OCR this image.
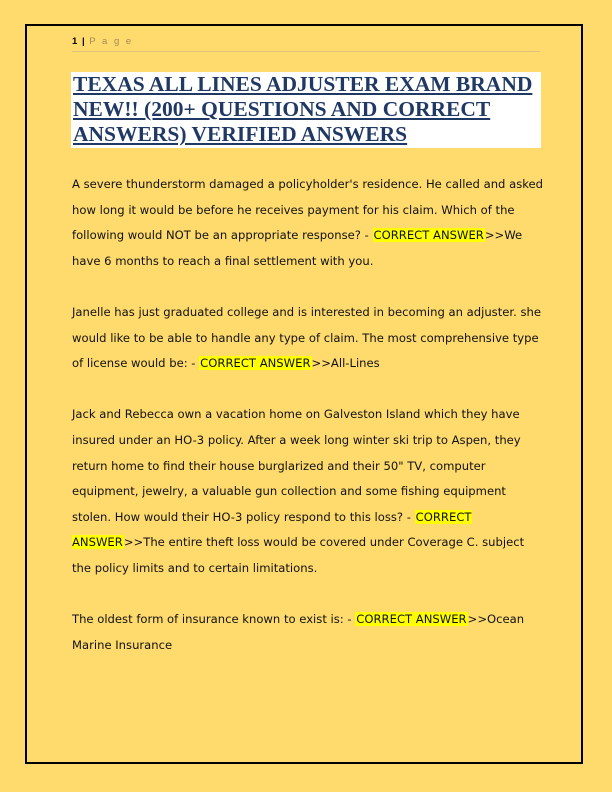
1 | P a g e
TEXAS ALL LINES ADJUSTER EXAM BRAND NEW!! (200+ QUESTIONS AND CORRECT ANSWERS) VERIFIED ANSWERS

A severe thunderstorm damaged a policyholder's residence. He called and asked how long it would be before he receives payment for his claim. Which of the following would NOT be an appropriate response? - CORRECT ANSWER>>We have 6 months to reach a final settlement with you.

Janelle has just graduated college and is interested in becoming an adjuster. she would like to be able to handle any type of claim. The most comprehensive type of license would be: - CORRECT ANSWER>>All-Lines

Jack and Rebecca own a vacation home on Galveston Island which they have insured under an HO-3 policy. After a week long winter ski trip to Aspen, they return home to find their house burglarized and their 50" TV, computer equipment, jewelry, a valuable gun collection and some fishing equipment stolen. How would their HO-3 policy respond to this loss? - CORRECT ANSWER>>The entire theft loss would be covered under Coverage C. subject the policy limits and to certain limitations.

The oldest form of insurance known to exist is: - CORRECT ANSWER>>Ocean Marine Insurance
